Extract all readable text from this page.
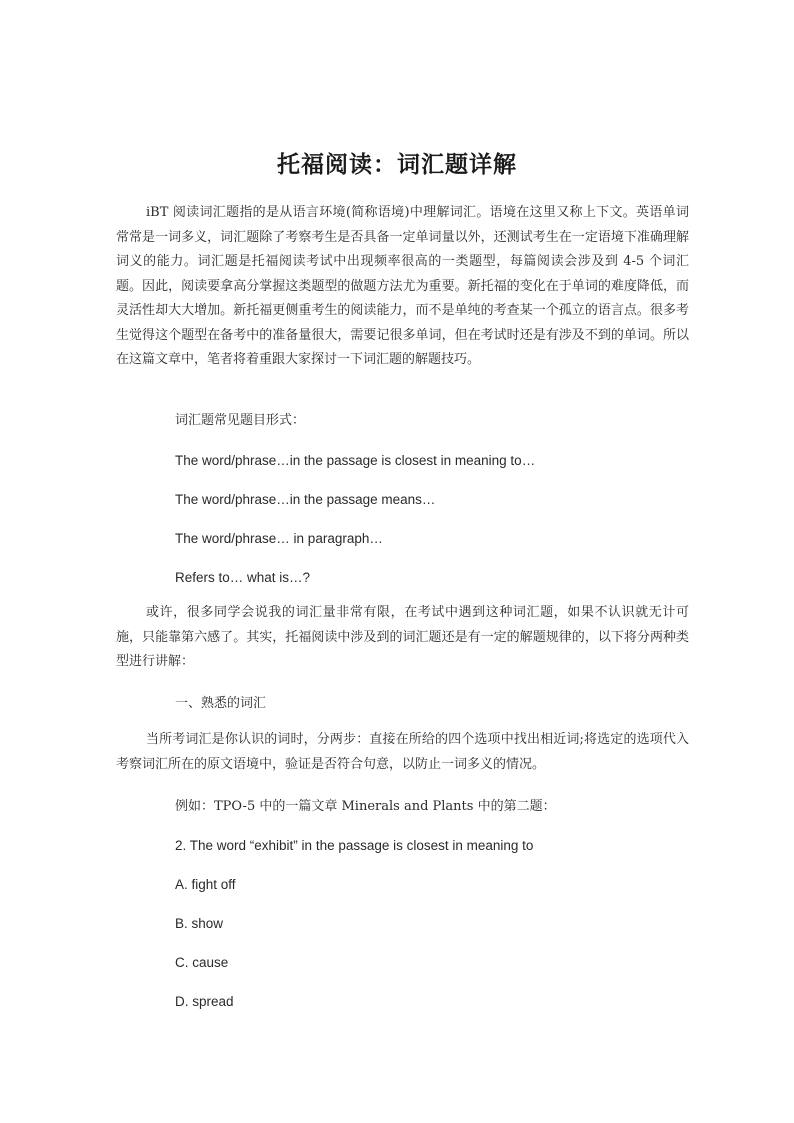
托福阅读：词汇题详解

iBT 阅读词汇题指的是从语言环境(简称语境)中理解词汇。语境在这里又称上下文。英语单词常常是一词多义，词汇题除了考察考生是否具备一定单词量以外，还测试考生在一定语境下准确理解词义的能力。词汇题是托福阅读考试中出现频率很高的一类题型，每篇阅读会涉及到 4-5 个词汇题。因此，阅读要拿高分掌握这类题型的做题方法尤为重要。新托福的变化在于单词的难度降低，而灵活性却大大增加。新托福更侧重考生的阅读能力，而不是单纯的考查某一个孤立的语言点。很多考生觉得这个题型在备考中的准备量很大，需要记很多单词，但在考试时还是有涉及不到的单词。所以在这篇文章中，笔者将着重跟大家探讨一下词汇题的解题技巧。

词汇题常见题目形式：

The word/phrase…in the passage is closest in meaning to…

The word/phrase…in the passage means…

The word/phrase… in paragraph…

Refers to… what is…?

或许，很多同学会说我的词汇量非常有限，在考试中遇到这种词汇题，如果不认识就无计可施，只能靠第六感了。其实，托福阅读中涉及到的词汇题还是有一定的解题规律的，以下将分两种类型进行讲解：

一、熟悉的词汇

当所考词汇是你认识的词时，分两步：直接在所给的四个选项中找出相近词;将选定的选项代入考察词汇所在的原文语境中，验证是否符合句意，以防止一词多义的情况。

例如：TPO-5 中的一篇文章 Minerals and Plants 中的第二题：

2. The word “exhibit” in the passage is closest in meaning to

A. fight off

B. show

C. cause

D. spread
